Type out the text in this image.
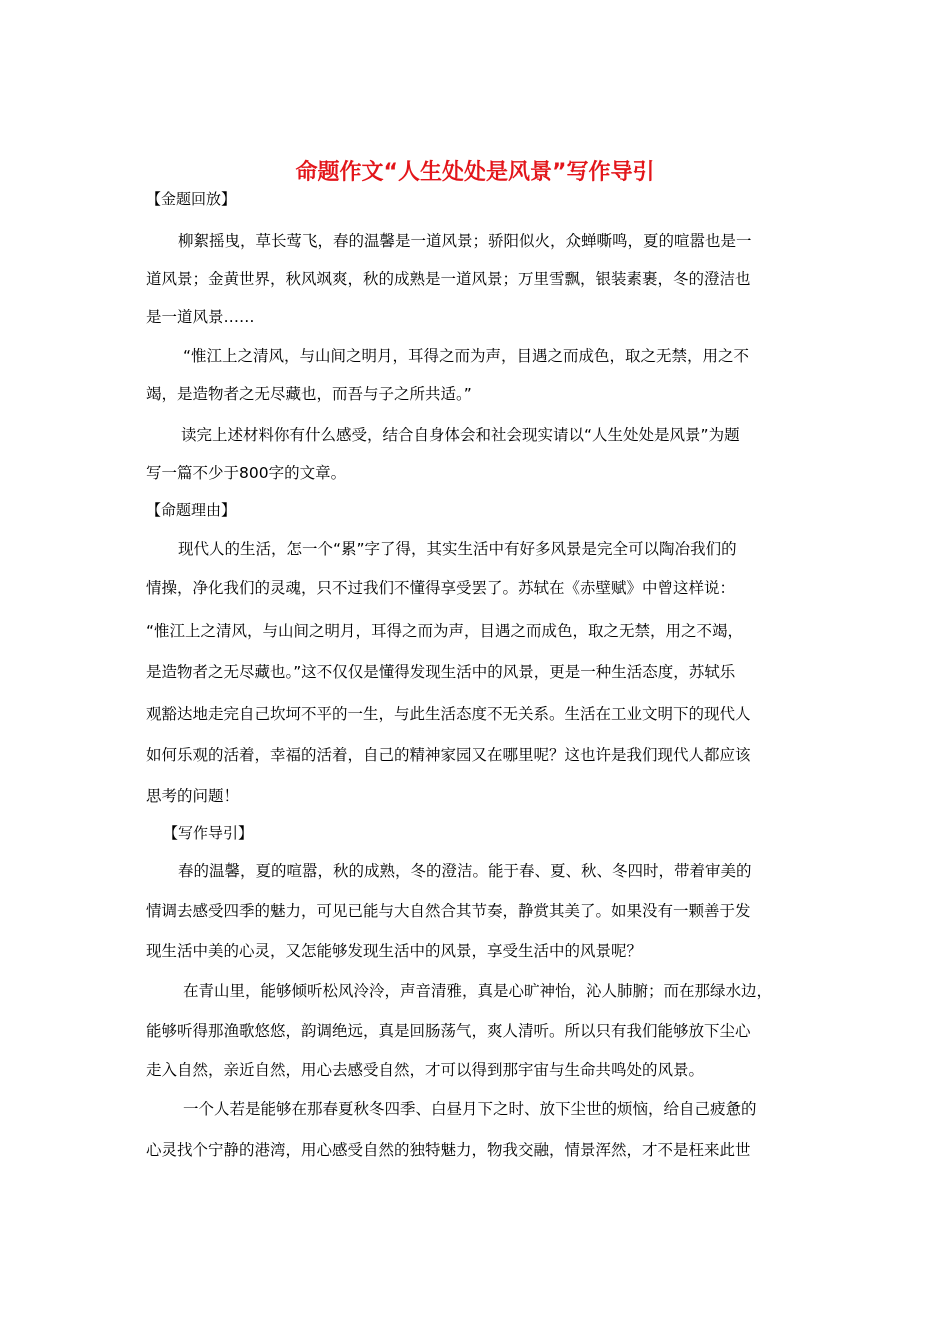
命题作文“人生处处是风景”写作导引
【金题回放】
柳絮摇曳，草长莺飞，春的温馨是一道风景；骄阳似火，众蝉嘶鸣，夏的喧嚣也是一
道风景；金黄世界，秋风飒爽，秋的成熟是一道风景；万里雪飘，银装素裹，冬的澄洁也
是一道风景……
“惟江上之清风，与山间之明月，耳得之而为声，目遇之而成色，取之无禁，用之不
竭，是造物者之无尽藏也，而吾与子之所共适。”
读完上述材料你有什么感受，结合自身体会和社会现实请以“人生处处是风景”为题
写一篇不少于800字的文章。
【命题理由】
现代人的生活，怎一个“累”字了得，其实生活中有好多风景是完全可以陶冶我们的
情操，净化我们的灵魂，只不过我们不懂得享受罢了。苏轼在《赤壁赋》中曾这样说：
“惟江上之清风，与山间之明月，耳得之而为声，目遇之而成色，取之无禁，用之不竭，
是造物者之无尽藏也。”这不仅仅是懂得发现生活中的风景，更是一种生活态度，苏轼乐
观豁达地走完自己坎坷不平的一生，与此生活态度不无关系。生活在工业文明下的现代人
如何乐观的活着，幸福的活着，自己的精神家园又在哪里呢？这也许是我们现代人都应该
思考的问题！
【写作导引】
春的温馨，夏的喧嚣，秋的成熟，冬的澄洁。能于春、夏、秋、冬四时，带着审美的
情调去感受四季的魅力，可见已能与大自然合其节奏，静赏其美了。如果没有一颗善于发
现生活中美的心灵，又怎能够发现生活中的风景，享受生活中的风景呢？
在青山里，能够倾听松风泠泠，声音清雅，真是心旷神怡，沁人肺腑；而在那绿水边，
能够听得那渔歌悠悠，韵调绝远，真是回肠荡气，爽人清听。所以只有我们能够放下尘心
走入自然，亲近自然，用心去感受自然，才可以得到那宇宙与生命共鸣处的风景。
一个人若是能够在那春夏秋冬四季、白昼月下之时、放下尘世的烦恼，给自己疲惫的
心灵找个宁静的港湾，用心感受自然的独特魅力，物我交融，情景浑然，才不是枉来此世
